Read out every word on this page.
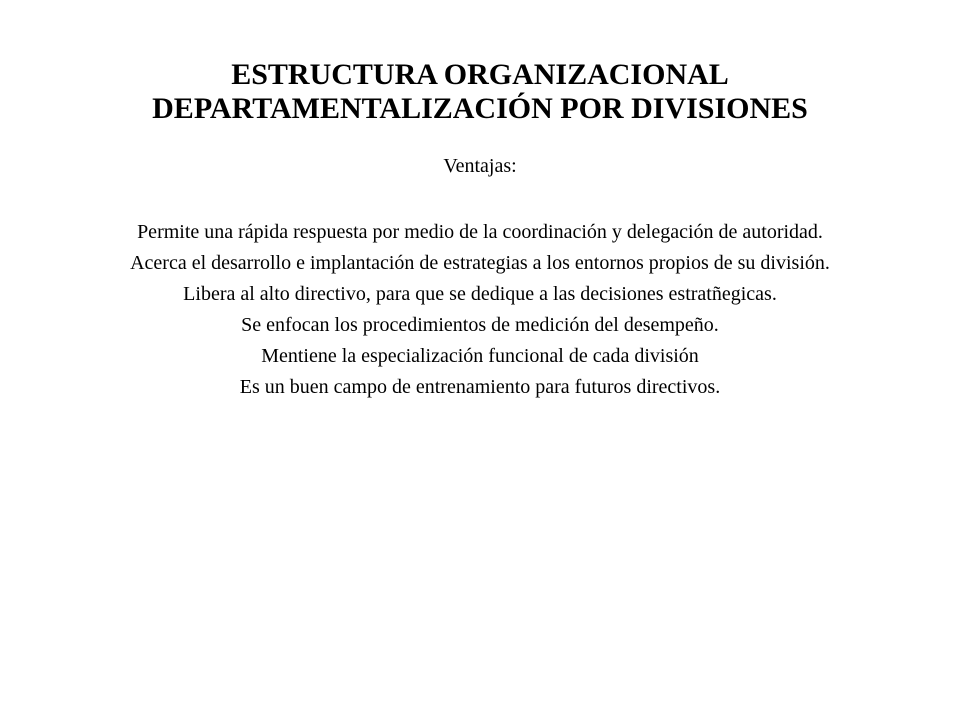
ESTRUCTURA ORGANIZACIONAL
DEPARTAMENTALIZACIÓN POR DIVISIONES

Ventajas:

Permite una rápida respuesta por medio de la coordinación y delegación de autoridad.
Acerca el desarrollo e implantación de estrategias a los entornos propios de su división.
Libera al alto directivo, para que se dedique a las decisiones estratñegicas.
Se enfocan los procedimientos de medición del desempeño.
Mentiene la especialización funcional de cada división
Es un buen campo de entrenamiento para futuros directivos.
